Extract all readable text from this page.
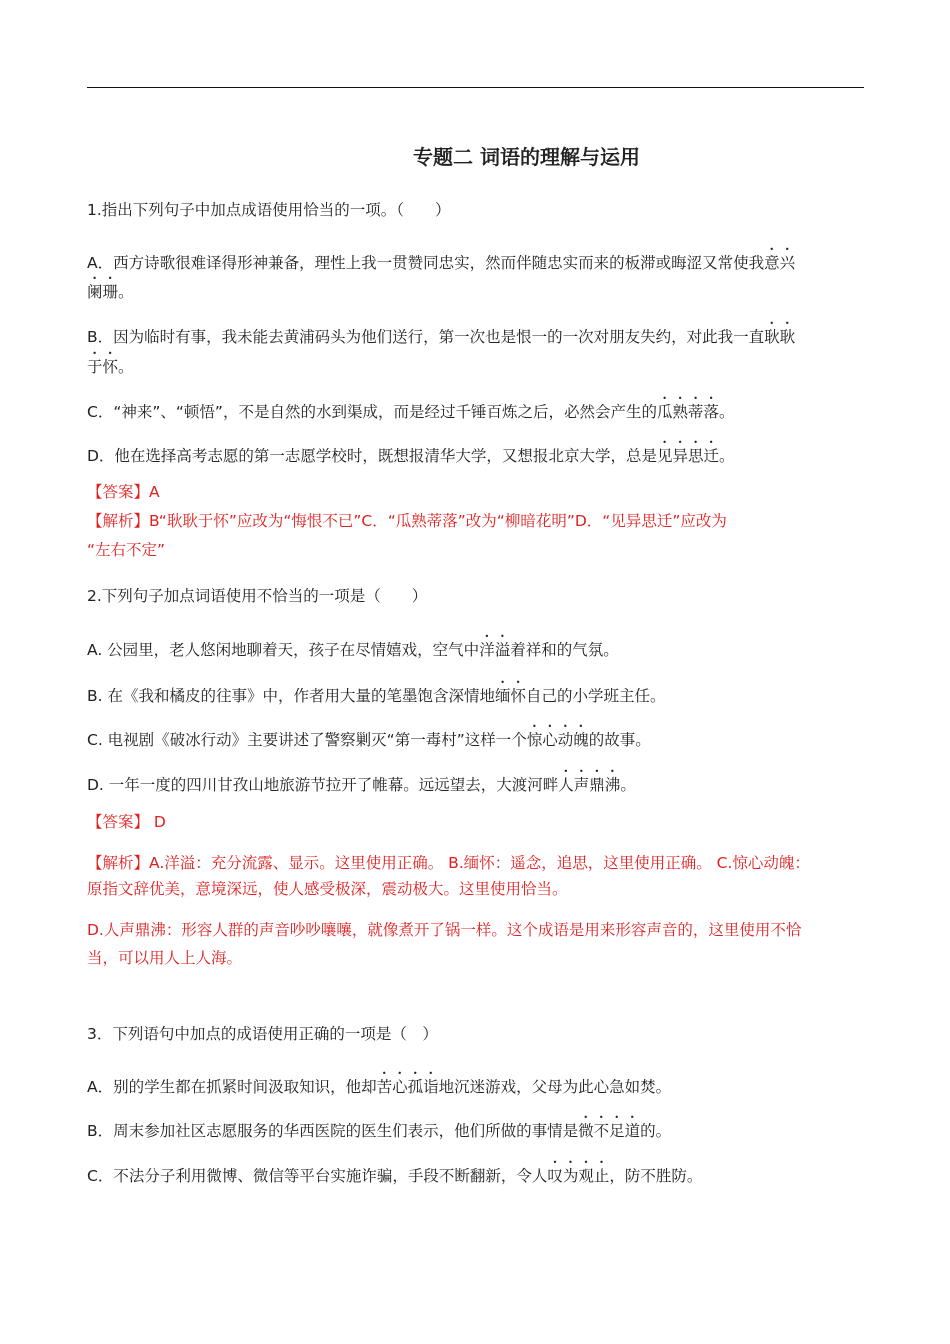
专题二 词语的理解与运用
1.指出下列句子中加点成语使用恰当的一项。（　　）
A．西方诗歌很难译得形神兼备，理性上我一贯赞同忠实，然而伴随忠实而来的板滞或晦涩又常使我意兴
阑珊。
B．因为临时有事，我未能去黄浦码头为他们送行，第一次也是恨一的一次对朋友失约，对此我一直耿耿
于怀。
C．“神来”、“顿悟”，不是自然的水到渠成，而是经过千锤百炼之后，必然会产生的瓜熟蒂落。
D．他在选择高考志愿的第一志愿学校时，既想报清华大学，又想报北京大学，总是见异思迁。
【答案】A
【解析】B“耿耿于怀”应改为“悔恨不已”C．“瓜熟蒂落”改为“柳暗花明”D．“见异思迁”应改为
“左右不定”
2.下列句子加点词语使用不恰当的一项是（　　）
A. 公园里，老人悠闲地聊着天，孩子在尽情嬉戏，空气中洋溢着祥和的气氛。
B. 在《我和橘皮的往事》中，作者用大量的笔墨饱含深情地缅怀自己的小学班主任。
C. 电视剧《破冰行动》主要讲述了警察剿灭“第一毒村”这样一个惊心动魄的故事。
D. 一年一度的四川甘孜山地旅游节拉开了帷幕。远远望去，大渡河畔人声鼎沸。
【答案】 D
【解析】A.洋溢：充分流露、显示。这里使用正确。 B.缅怀：遥念，追思，这里使用正确。 C.惊心动魄：
原指文辞优美，意境深远，使人感受极深，震动极大。这里使用恰当。
D.人声鼎沸：形容人群的声音吵吵嚷嚷，就像煮开了锅一样。这个成语是用来形容声音的，这里使用不恰
当，可以用人上人海。
3．下列语句中加点的成语使用正确的一项是（　）
A．别的学生都在抓紧时间汲取知识，他却苦心孤诣地沉迷游戏，父母为此心急如焚。
B．周末参加社区志愿服务的华西医院的医生们表示，他们所做的事情是微不足道的。
C．不法分子利用微博、微信等平台实施诈骗，手段不断翻新，令人叹为观止，防不胜防。
